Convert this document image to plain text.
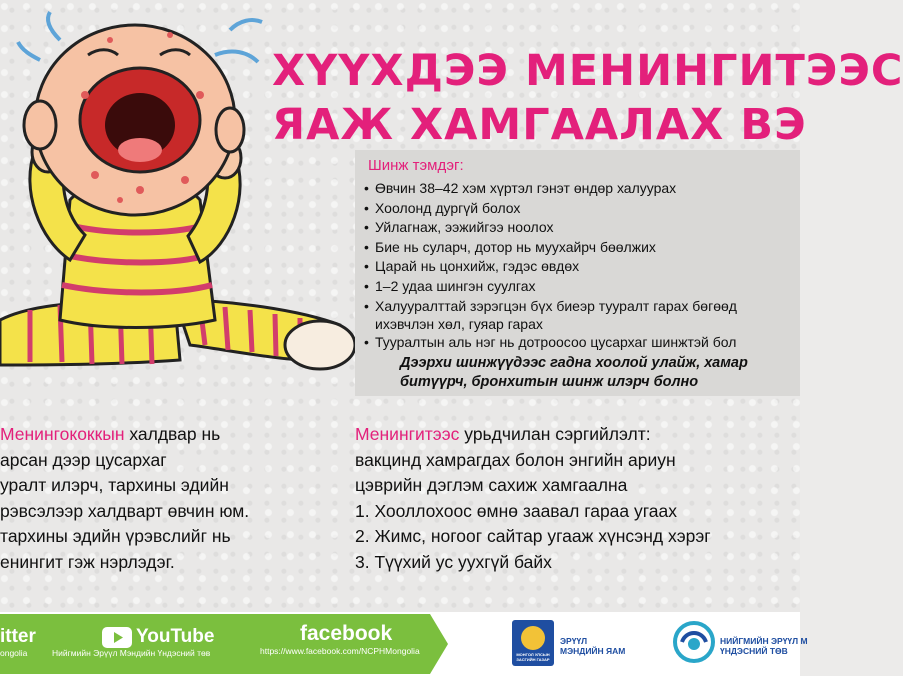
ХҮҮХДЭЭ МЕНИНГИТЭЭС
ЯАЖ ХАМГААЛАХ ВЭ
Шинж тэмдэг:
• Өвчин 38–42 хэм хүртэл гэнэт өндөр халуурах
• Хоолонд дургүй болох
• Уйлагнаж, ээжийгээ ноолох
• Бие нь суларч, дотор нь муухайрч бөөлжих
• Царай нь цонхийж, гэдэс өвдөх
• 1–2 удаа шингэн суулгах
• Халууралттай зэрэгцэн бүх биеэр тууралт гарах бөгөөд
ихэвчлэн хөл, гуяар гарах
• Тууралтын аль нэг нь дотроосоо цусархаг шинжтэй бол
Дээрхи шинжүүдээс гадна хоолой улайж, хамар
битүүрч, бронхитын шинж илэрч болно
Менингококкын халдвар нь
арсан дээр цусархаг
уралт илэрч, тархины эдийн
рэвсэлээр халдварт өвчин юм.
тархины эдийн үрэвслийг нь
енингит гэж нэрлэдэг.
Менингитээс урьдчилан сэргийлэлт:
вакцинд хамрагдах болон энгийн ариун
цэврийн дэглэм сахиж хамгаална
1. Хооллохоос өмнө заавал гараа угаах
2. Жимс, ногоог сайтар угааж хүнсэнд хэрэг
3. Түүхий ус уухгүй байх
itter
ongolia
YouTube
Нийгмийн Эрүүл Мэндийн Үндэсний төв
facebook
https://www.facebook.com/NCPHMongolia	МОНГОЛ УЛСЫН ЗАСГИЙН ГАЗАР
ЭРҮҮЛ
МЭНДИЙН ЯАМ
НИЙГМИЙН ЭРҮҮЛ М
ҮНДЭСНИЙ ТӨВ
